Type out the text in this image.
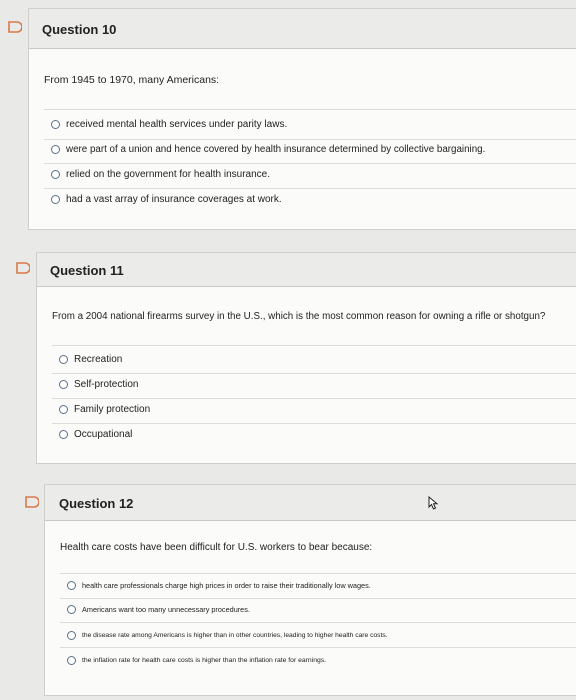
Question 10
From 1945 to 1970, many Americans:
received mental health services under parity laws.
were part of a union and hence covered by health insurance determined by collective bargaining.
relied on the government for health insurance.
had a vast array of insurance coverages at work.
Question 11
From a 2004 national firearms survey in the U.S., which is the most common reason for owning a rifle or shotgun?
Recreation
Self-protection
Family protection
Occupational
Question 12
Health care costs have been difficult for U.S. workers to bear because:
health care professionals charge high prices in order to raise their traditionally low wages.
Americans want too many unnecessary procedures.
the disease rate among Americans is higher than in other countries, leading to higher health care costs.
the inflation rate for health care costs is higher than the inflation rate for earnings.
